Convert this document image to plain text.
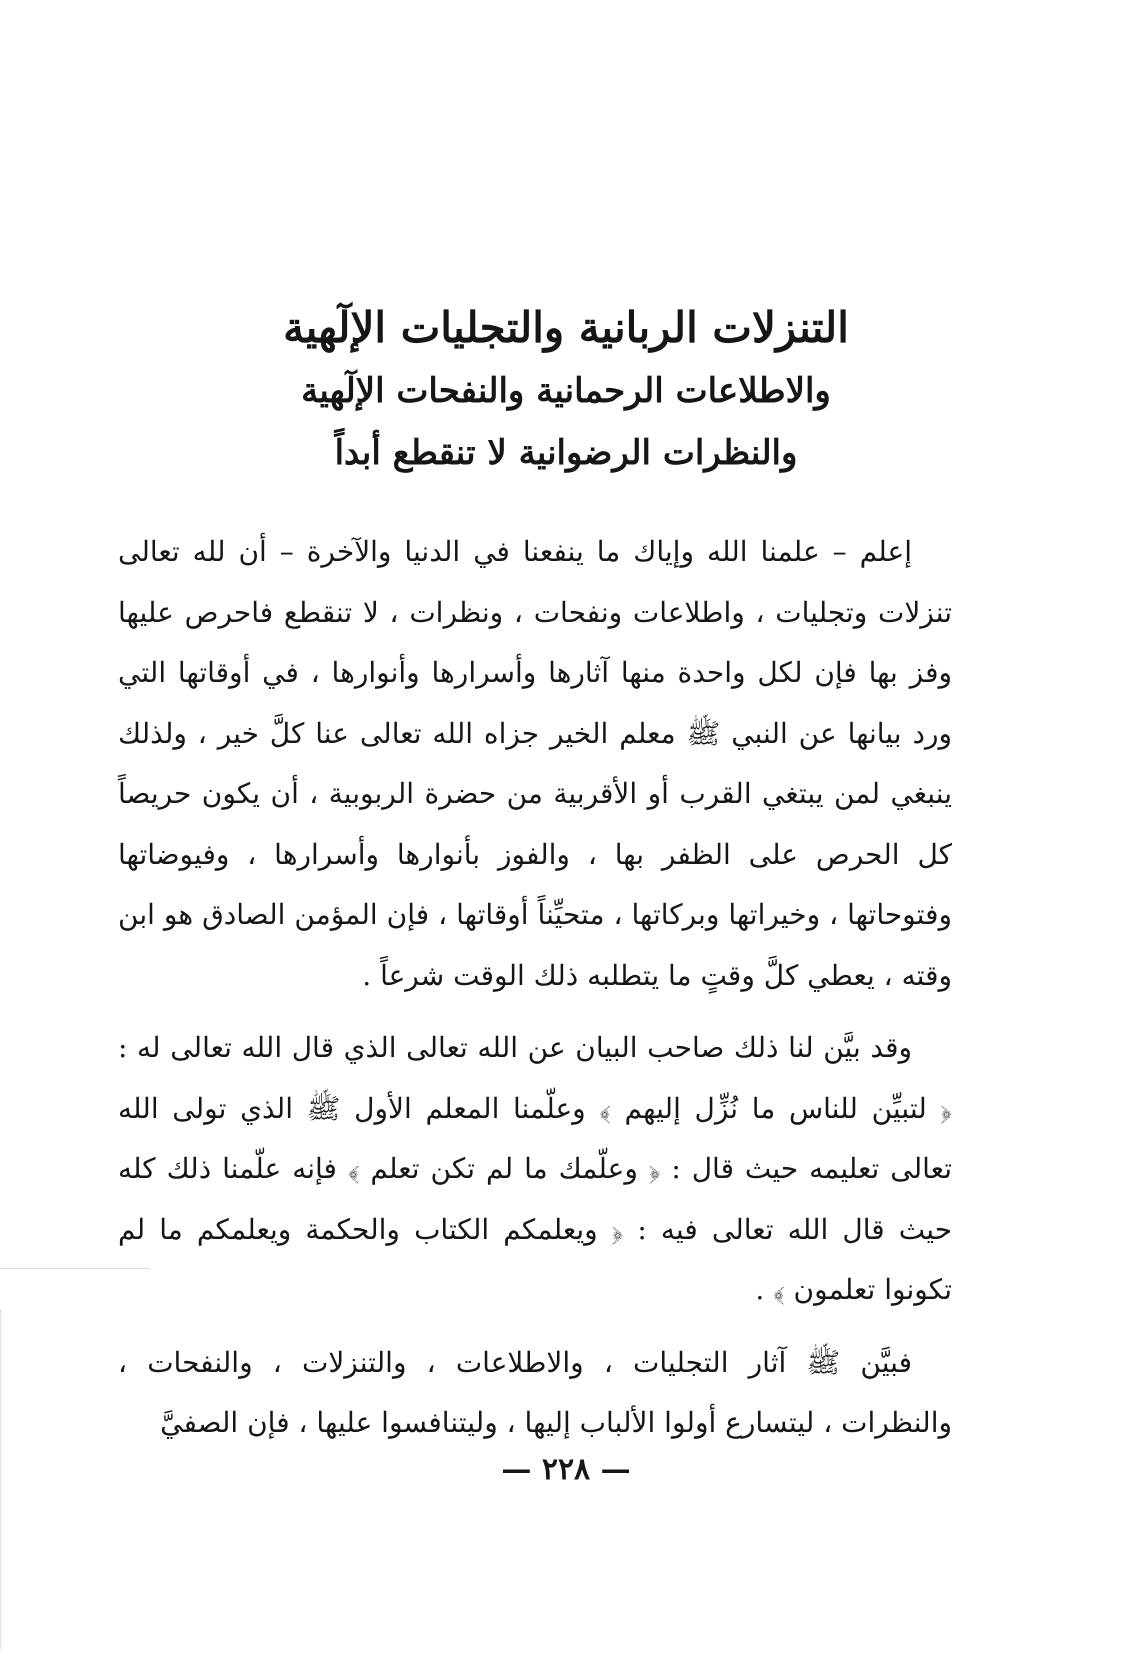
التنزلات الربانية والتجليات الإلٓهية

والاطلاعات الرحمانية والنفحات الإلٓهية

والنظرات الرضوانية لا تنقطع أبداً

إعلم – علمنا الله وإياك ما ينفعنا في الدنيا والآخرة – أن لله تعالى تنزلات وتجليات ، واطلاعات ونفحات ، ونظرات ، لا تنقطع فاحرص عليها وفز بها فإن لكل واحدة منها آثارها وأسرارها وأنوارها ، في أوقاتها التي ورد بيانها عن النبي ﷺ معلم الخير جزاه الله تعالى عنا كلَّ خير ، ولذلك ينبغي لمن يبتغي القرب أو الأقربية من حضرة الربوبية ، أن يكون حريصاً كل الحرص على الظفر بها ، والفوز بأنوارها وأسرارها ، وفيوضاتها وفتوحاتها ، وخيراتها وبركاتها ، متحيِّناً أوقاتها ، فإن المؤمن الصادق هو ابن وقته ، يعطي كلَّ وقتٍ ما يتطلبه ذلك الوقت شرعاً .

وقد بيَّن لنا ذلك صاحب البيان عن الله تعالى الذي قال الله تعالى له : ﴿ لتبيِّن للناس ما نُزِّل إليهم ﴾ وعلّمنا المعلم الأول ﷺ الذي تولى الله تعالى تعليمه حيث قال : ﴿ وعلّمك ما لم تكن تعلم ﴾ فإنه علّمنا ذلك كله حيث قال الله تعالى فيه : ﴿ ويعلمكم الكتاب والحكمة ويعلمكم ما لم تكونوا تعلمون ﴾ .

فبيَّن ﷺ آثار التجليات ، والاطلاعات ، والتنزلات ، والنفحات ، والنظرات ، ليتسارع أولوا الألباب إليها ، وليتنافسوا عليها ، فإن الصفيَّ

— ٢٢٨ —
